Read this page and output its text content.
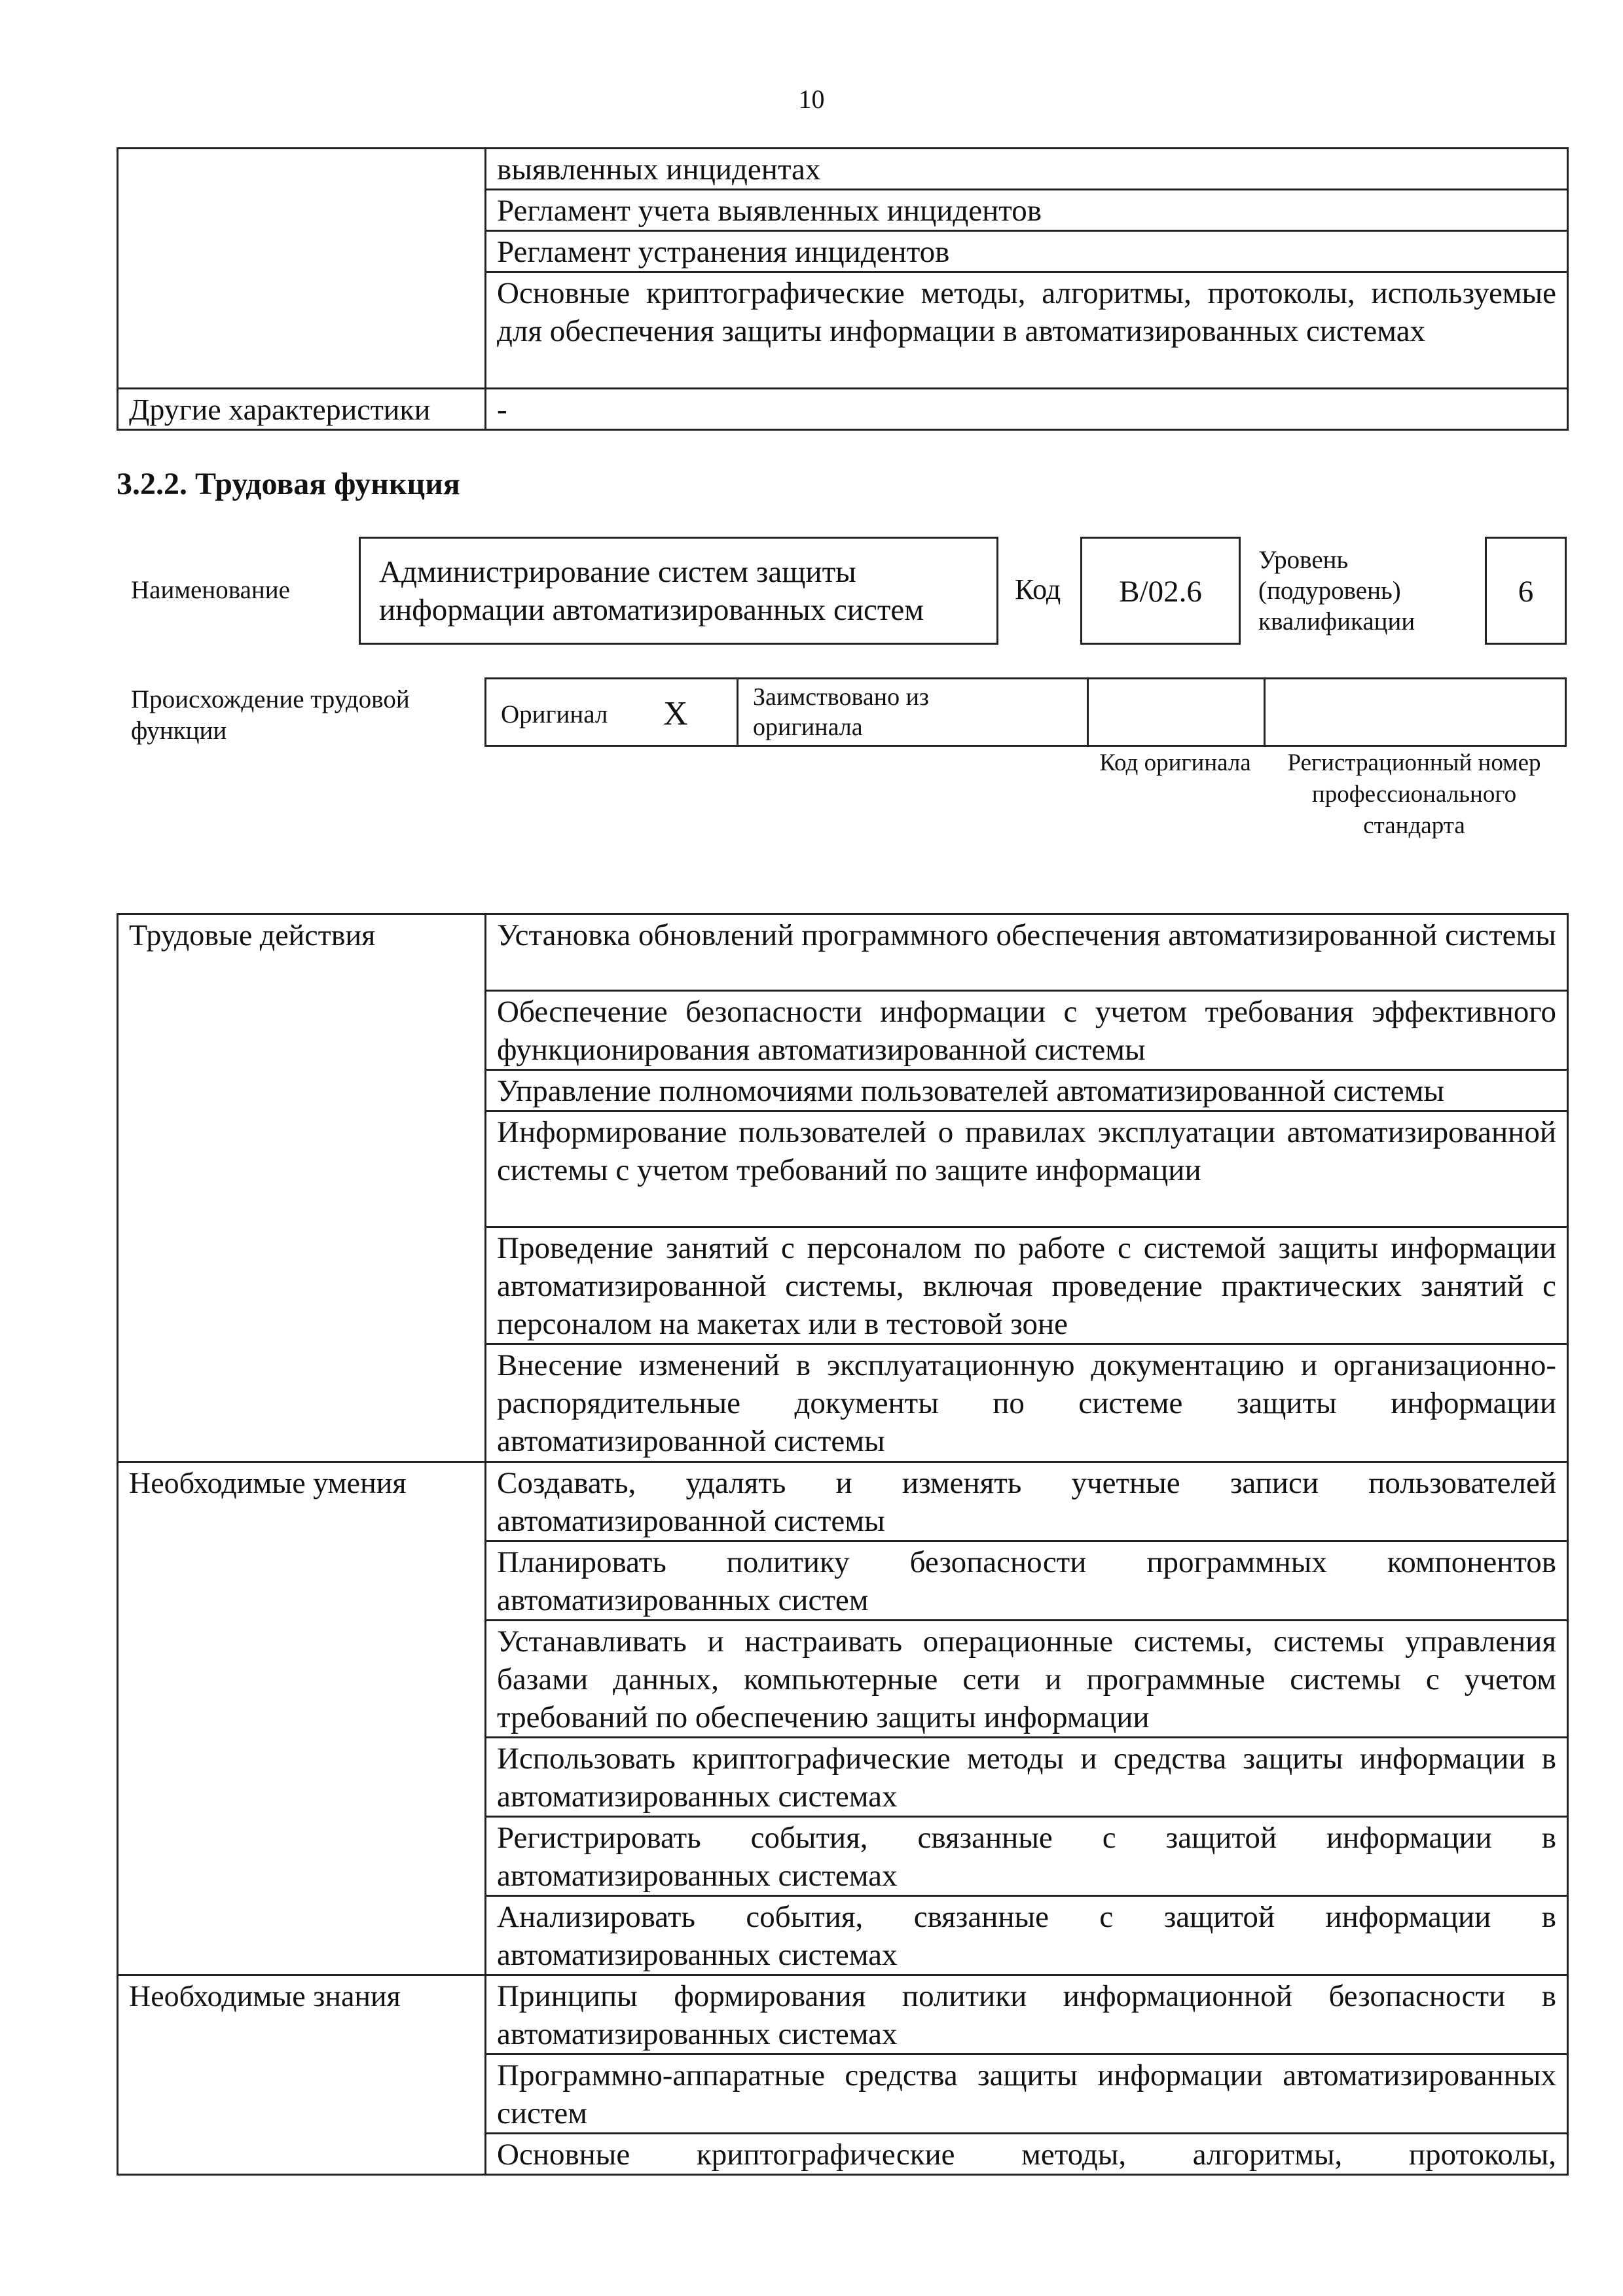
10
	выявленных инцидентах
	Регламент учета выявленных инцидентов
	Регламент устранения инцидентов
	Основные криптографические методы, алгоритмы, протоколы, используемые для обеспечения защиты информации в автоматизированных системах
Другие характеристики	-
3.2.2. Трудовая функция
Наименование
Администрирование систем защиты информации автоматизированных систем
Код	B/02.6
Уровень (подуровень) квалификации
6
Происхождение трудовой функции
Оригинал X	Заимствовано из оригинала
Код оригинала	Регистрационный номер профессионального стандарта
Трудовые действия	Установка обновлений программного обеспечения автоматизированной системы
	Обеспечение безопасности информации с учетом требования эффективного функционирования автоматизированной системы
	Управление полномочиями пользователей автоматизированной системы
	Информирование пользователей о правилах эксплуатации автоматизированной системы с учетом требований по защите информации
	Проведение занятий с персоналом по работе с системой защиты информации автоматизированной системы, включая проведение практических занятий с персоналом на макетах или в тестовой зоне
	Внесение изменений в эксплуатационную документацию и организационно-распорядительные документы по системе защиты информации автоматизированной системы
Необходимые умения	Создавать, удалять и изменять учетные записи пользователей автоматизированной системы
	Планировать политику безопасности программных компонентов автоматизированных систем
	Устанавливать и настраивать операционные системы, системы управления базами данных, компьютерные сети и программные системы с учетом требований по обеспечению защиты информации
	Использовать криптографические методы и средства защиты информации в автоматизированных системах
	Регистрировать события, связанные с защитой информации в автоматизированных системах
	Анализировать события, связанные с защитой информации в автоматизированных системах
Необходимые знания	Принципы формирования политики информационной безопасности в автоматизированных системах
	Программно-аппаратные средства защиты информации автоматизированных систем
	Основные криптографические методы, алгоритмы, протоколы,
